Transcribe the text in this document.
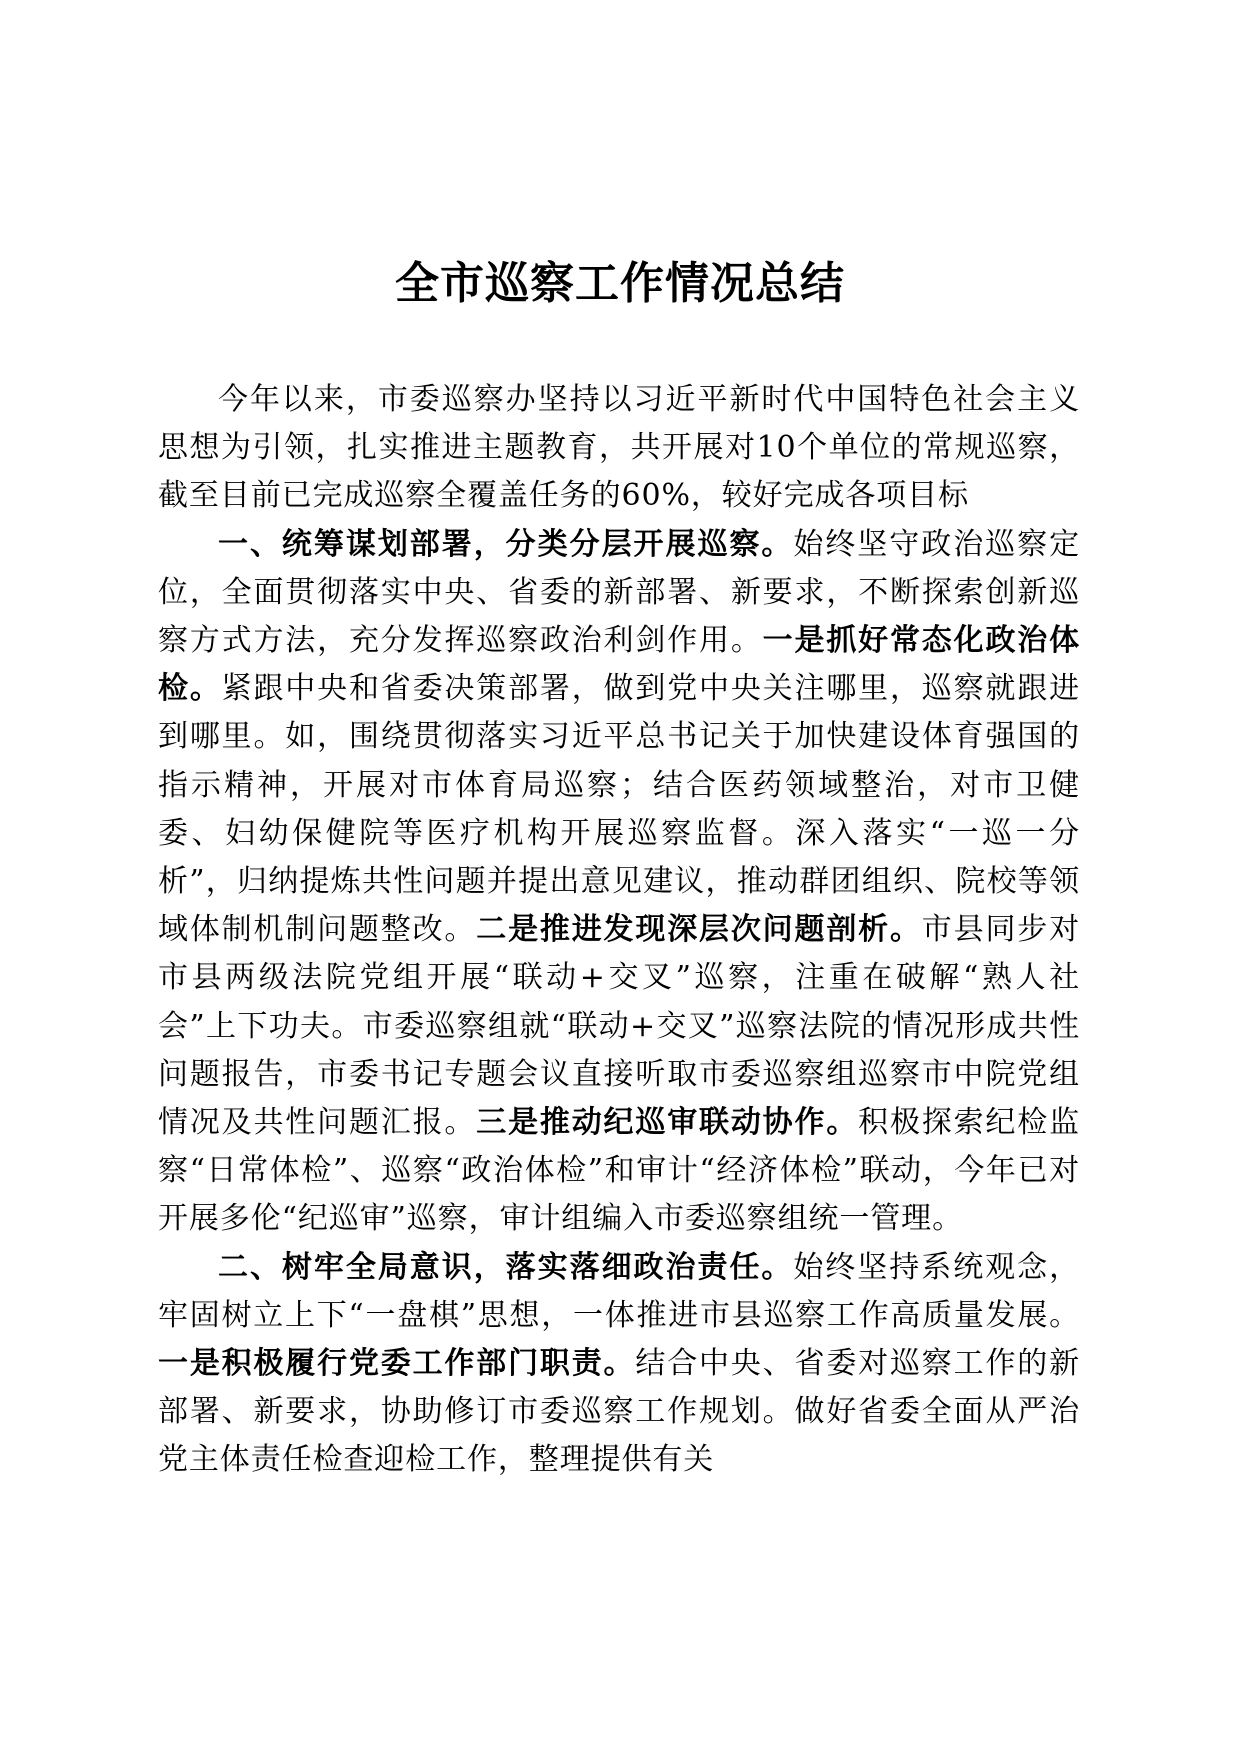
全市巡察工作情况总结

今年以来，市委巡察办坚持以习近平新时代中国特色社会主义思想为引领，扎实推进主题教育，共开展对10个单位的常规巡察，截至目前已完成巡察全覆盖任务的60%，较好完成各项目标

一、统筹谋划部署，分类分层开展巡察。始终坚守政治巡察定位，全面贯彻落实中央、省委的新部署、新要求，不断探索创新巡察方式方法，充分发挥巡察政治利剑作用。一是抓好常态化政治体检。紧跟中央和省委决策部署，做到党中央关注哪里，巡察就跟进到哪里。如，围绕贯彻落实习近平总书记关于加快建设体育强国的指示精神，开展对市体育局巡察；结合医药领域整治，对市卫健委、妇幼保健院等医疗机构开展巡察监督。深入落实“一巡一分析”，归纳提炼共性问题并提出意见建议，推动群团组织、院校等领域体制机制问题整改。二是推进发现深层次问题剖析。市县同步对市县两级法院党组开展“联动+交叉”巡察，注重在破解“熟人社会”上下功夫。市委巡察组就“联动+交叉”巡察法院的情况形成共性问题报告，市委书记专题会议直接听取市委巡察组巡察市中院党组情况及共性问题汇报。三是推动纪巡审联动协作。积极探索纪检监察“日常体检”、巡察“政治体检”和审计“经济体检”联动，今年已对开展多伦“纪巡审”巡察，审计组编入市委巡察组统一管理。

二、树牢全局意识，落实落细政治责任。始终坚持系统观念，牢固树立上下“一盘棋”思想，一体推进市县巡察工作高质量发展。一是积极履行党委工作部门职责。结合中央、省委对巡察工作的新部署、新要求，协助修订市委巡察工作规划。做好省委全面从严治党主体责任检查迎检工作，整理提供有关
